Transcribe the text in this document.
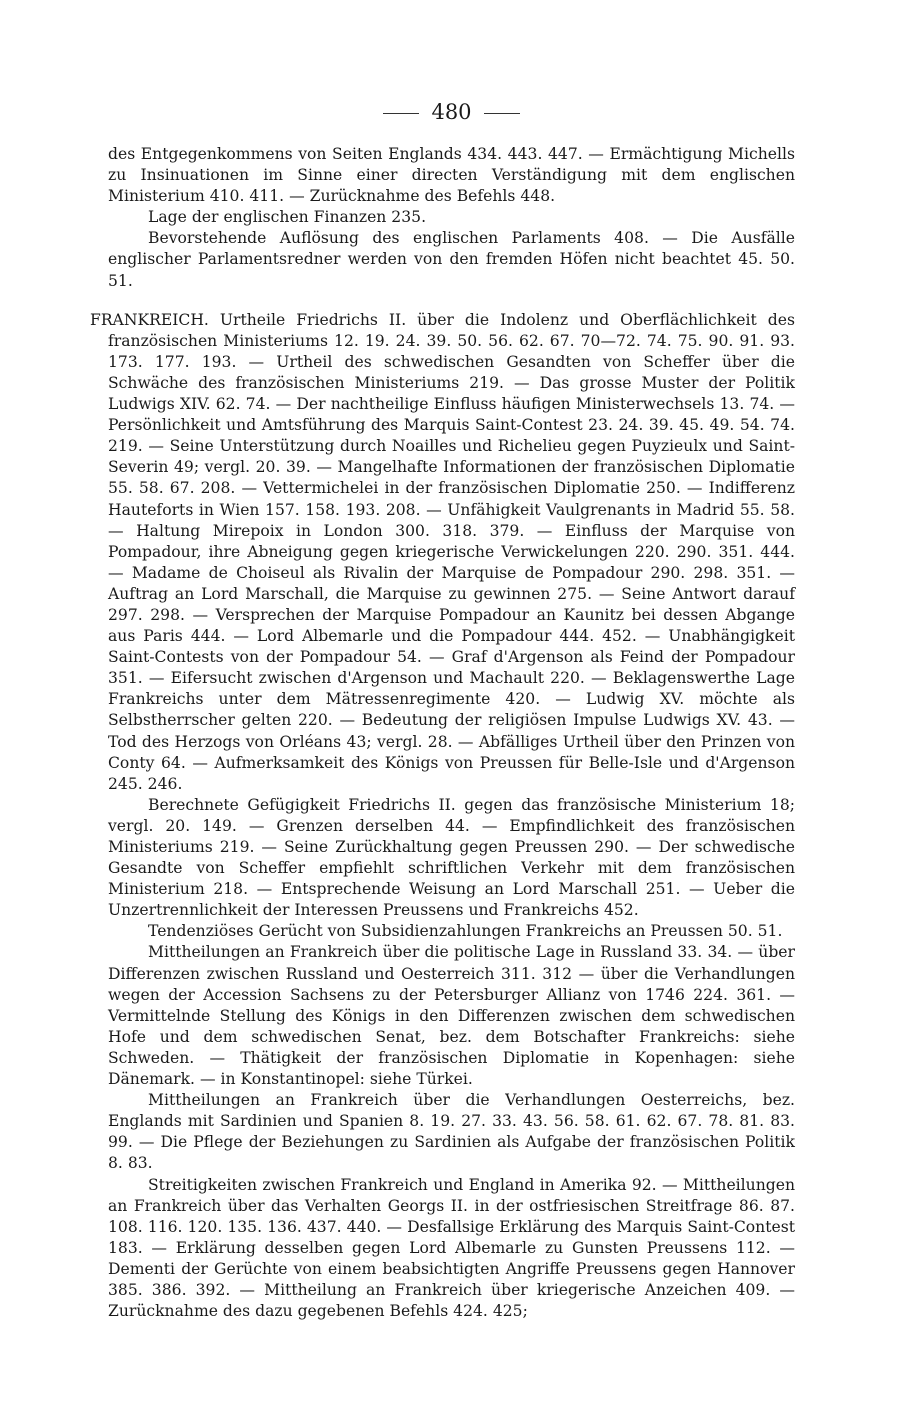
480

des Entgegenkommens von Seiten Englands 434. 443. 447. — Ermächtigung Michells zu Insinuationen im Sinne einer directen Verständigung mit dem englischen Ministerium 410. 411. — Zurücknahme des Befehls 448.

Lage der englischen Finanzen 235.

Bevorstehende Auflösung des englischen Parlaments 408. — Die Ausfälle englischer Parlamentsredner werden von den fremden Höfen nicht beachtet 45. 50. 51.

FRANKREICH. Urtheile Friedrichs II. über die Indolenz und Oberflächlichkeit des französischen Ministeriums 12. 19. 24. 39. 50. 56. 62. 67. 70—72. 74. 75. 90. 91. 93. 173. 177. 193. — Urtheil des schwedischen Gesandten von Scheffer über die Schwäche des französischen Ministeriums 219. — Das grosse Muster der Politik Ludwigs XIV. 62. 74. — Der nachtheilige Einfluss häufigen Ministerwechsels 13. 74. — Persönlichkeit und Amtsführung des Marquis Saint-Contest 23. 24. 39. 45. 49. 54. 74. 219. — Seine Unterstützung durch Noailles und Richelieu gegen Puyzieulx und Saint-Severin 49; vergl. 20. 39. — Mangelhafte Informationen der französischen Diplomatie 55. 58. 67. 208. — Vettermichelei in der französischen Diplomatie 250. — Indifferenz Hauteforts in Wien 157. 158. 193. 208. — Unfähigkeit Vaulgrenants in Madrid 55. 58. — Haltung Mirepoix in London 300. 318. 379. — Einfluss der Marquise von Pompadour, ihre Abneigung gegen kriegerische Verwickelungen 220. 290. 351. 444. — Madame de Choiseul als Rivalin der Marquise de Pompadour 290. 298. 351. — Auftrag an Lord Marschall, die Marquise zu gewinnen 275. — Seine Antwort darauf 297. 298. — Versprechen der Marquise Pompadour an Kaunitz bei dessen Abgange aus Paris 444. — Lord Albemarle und die Pompadour 444. 452. — Unabhängigkeit Saint-Contests von der Pompadour 54. — Graf d'Argenson als Feind der Pompadour 351. — Eifersucht zwischen d'Argenson und Machault 220. — Beklagenswerthe Lage Frankreichs unter dem Mätressenregimente 420. — Ludwig XV. möchte als Selbstherrscher gelten 220. — Bedeutung der religiösen Impulse Ludwigs XV. 43. — Tod des Herzogs von Orléans 43; vergl. 28. — Abfälliges Urtheil über den Prinzen von Conty 64. — Aufmerksamkeit des Königs von Preussen für Belle-Isle und d'Argenson 245. 246.

Berechnete Gefügigkeit Friedrichs II. gegen das französische Ministerium 18; vergl. 20. 149. — Grenzen derselben 44. — Empfindlichkeit des französischen Ministeriums 219. — Seine Zurückhaltung gegen Preussen 290. — Der schwedische Gesandte von Scheffer empfiehlt schriftlichen Verkehr mit dem französischen Ministerium 218. — Entsprechende Weisung an Lord Marschall 251. — Ueber die Unzertrennlichkeit der Interessen Preussens und Frankreichs 452.

Tendenziöses Gerücht von Subsidienzahlungen Frankreichs an Preussen 50. 51.

Mittheilungen an Frankreich über die politische Lage in Russland 33. 34. — über Differenzen zwischen Russland und Oesterreich 311. 312 — über die Verhandlungen wegen der Accession Sachsens zu der Petersburger Allianz von 1746 224. 361. — Vermittelnde Stellung des Königs in den Differenzen zwischen dem schwedischen Hofe und dem schwedischen Senat, bez. dem Botschafter Frankreichs: siehe Schweden. — Thätigkeit der französischen Diplomatie in Kopenhagen: siehe Dänemark. — in Konstantinopel: siehe Türkei.

Mittheilungen an Frankreich über die Verhandlungen Oesterreichs, bez. Englands mit Sardinien und Spanien 8. 19. 27. 33. 43. 56. 58. 61. 62. 67. 78. 81. 83. 99. — Die Pflege der Beziehungen zu Sardinien als Aufgabe der französischen Politik 8. 83.

Streitigkeiten zwischen Frankreich und England in Amerika 92. — Mittheilungen an Frankreich über das Verhalten Georgs II. in der ostfriesischen Streitfrage 86. 87. 108. 116. 120. 135. 136. 437. 440. — Desfallsige Erklärung des Marquis Saint-Contest 183. — Erklärung desselben gegen Lord Albemarle zu Gunsten Preussens 112. — Dementi der Gerüchte von einem beabsichtigten Angriffe Preussens gegen Hannover 385. 386. 392. — Mittheilung an Frankreich über kriegerische Anzeichen 409. — Zurücknahme des dazu gegebenen Befehls 424. 425;
